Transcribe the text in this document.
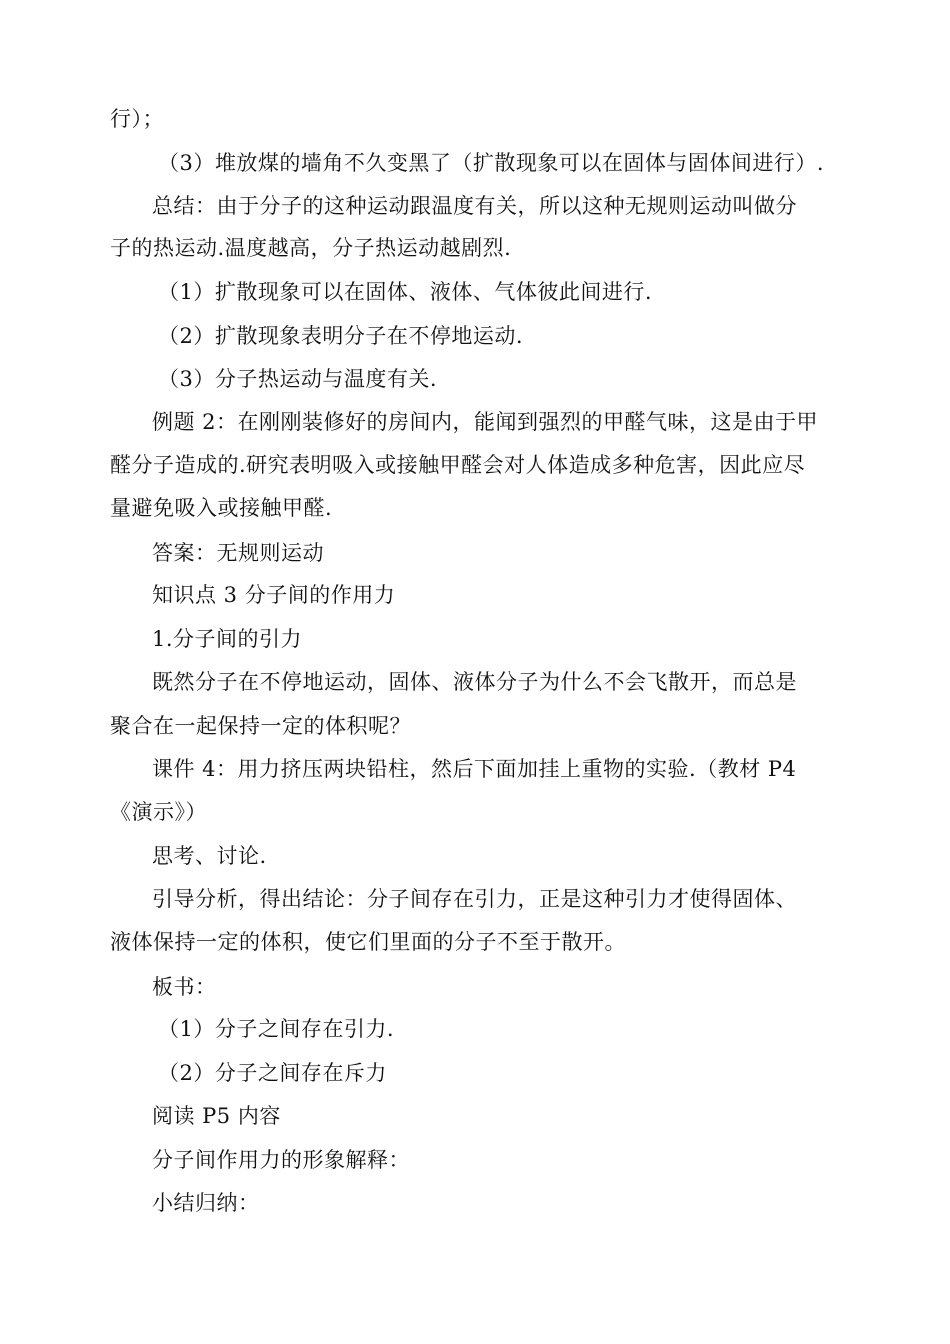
行）；
（3）堆放煤的墙角不久变黑了（扩散现象可以在固体与固体间进行）.
总结：由于分子的这种运动跟温度有关，所以这种无规则运动叫做分
子的热运动.温度越高，分子热运动越剧烈.
（1）扩散现象可以在固体、液体、气体彼此间进行.
（2）扩散现象表明分子在不停地运动.
（3）分子热运动与温度有关.
例题 2：在刚刚装修好的房间内，能闻到强烈的甲醛气味，这是由于甲
醛分子造成的.研究表明吸入或接触甲醛会对人体造成多种危害，因此应尽
量避免吸入或接触甲醛.
答案：无规则运动
知识点 3 分子间的作用力
1.分子间的引力
既然分子在不停地运动，固体、液体分子为什么不会飞散开，而总是
聚合在一起保持一定的体积呢？
课件 4：用力挤压两块铅柱，然后下面加挂上重物的实验.（教材 P4
《演示》）
思考、讨论.
引导分析，得出结论：分子间存在引力，正是这种引力才使得固体、
液体保持一定的体积，使它们里面的分子不至于散开。
板书：
（1）分子之间存在引力.
（2）分子之间存在斥力
阅读 P5 内容
分子间作用力的形象解释：
小结归纳：
